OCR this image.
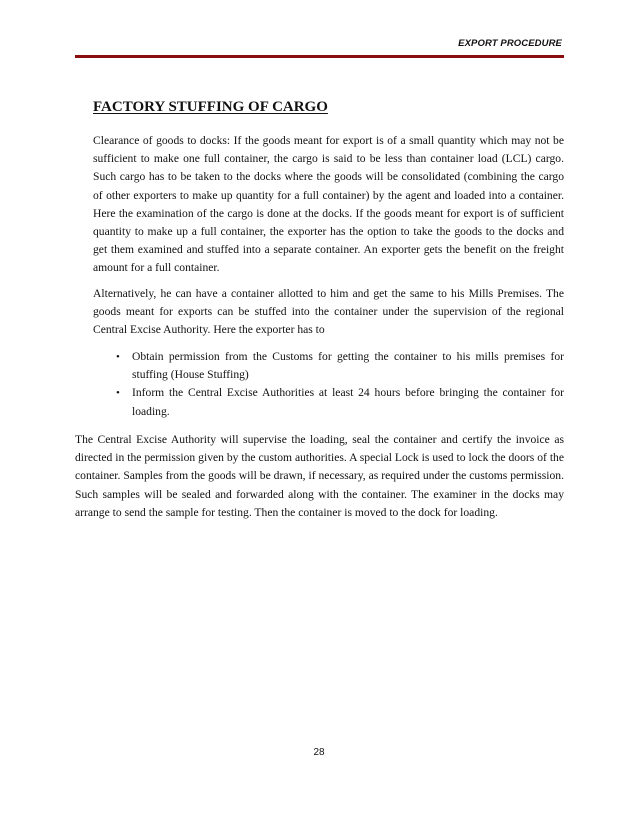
EXPORT PROCEDURE
FACTORY STUFFING OF CARGO

Clearance of goods to docks: If the goods meant for export is of a small quantity which may not be sufficient to make one full container, the cargo is said to be less than container load (LCL) cargo. Such cargo has to be taken to the docks where the goods will be consolidated (combining the cargo of other exporters to make up quantity for a full container) by the agent and loaded into a container. Here the examination of the cargo is done at the docks. If the goods meant for export is of sufficient quantity to make up a full container, the exporter has the option to take the goods to the docks and get them examined and stuffed into a separate container. An exporter gets the benefit on the freight amount for a full container.

Alternatively, he can have a container allotted to him and get the same to his Mills Premises. The goods meant for exports can be stuffed into the container under the supervision of the regional Central Excise Authority. Here the exporter has to

• Obtain permission from the Customs for getting the container to his mills premises for stuffing (House Stuffing)
• Inform the Central Excise Authorities at least 24 hours before bringing the container for loading.

The Central Excise Authority will supervise the loading, seal the container and certify the invoice as directed in the permission given by the custom authorities. A special Lock is used to lock the doors of the container. Samples from the goods will be drawn, if necessary, as required under the customs permission. Such samples will be sealed and forwarded along with the container. The examiner in the docks may arrange to send the sample for testing. Then the container is moved to the dock for loading.

28
